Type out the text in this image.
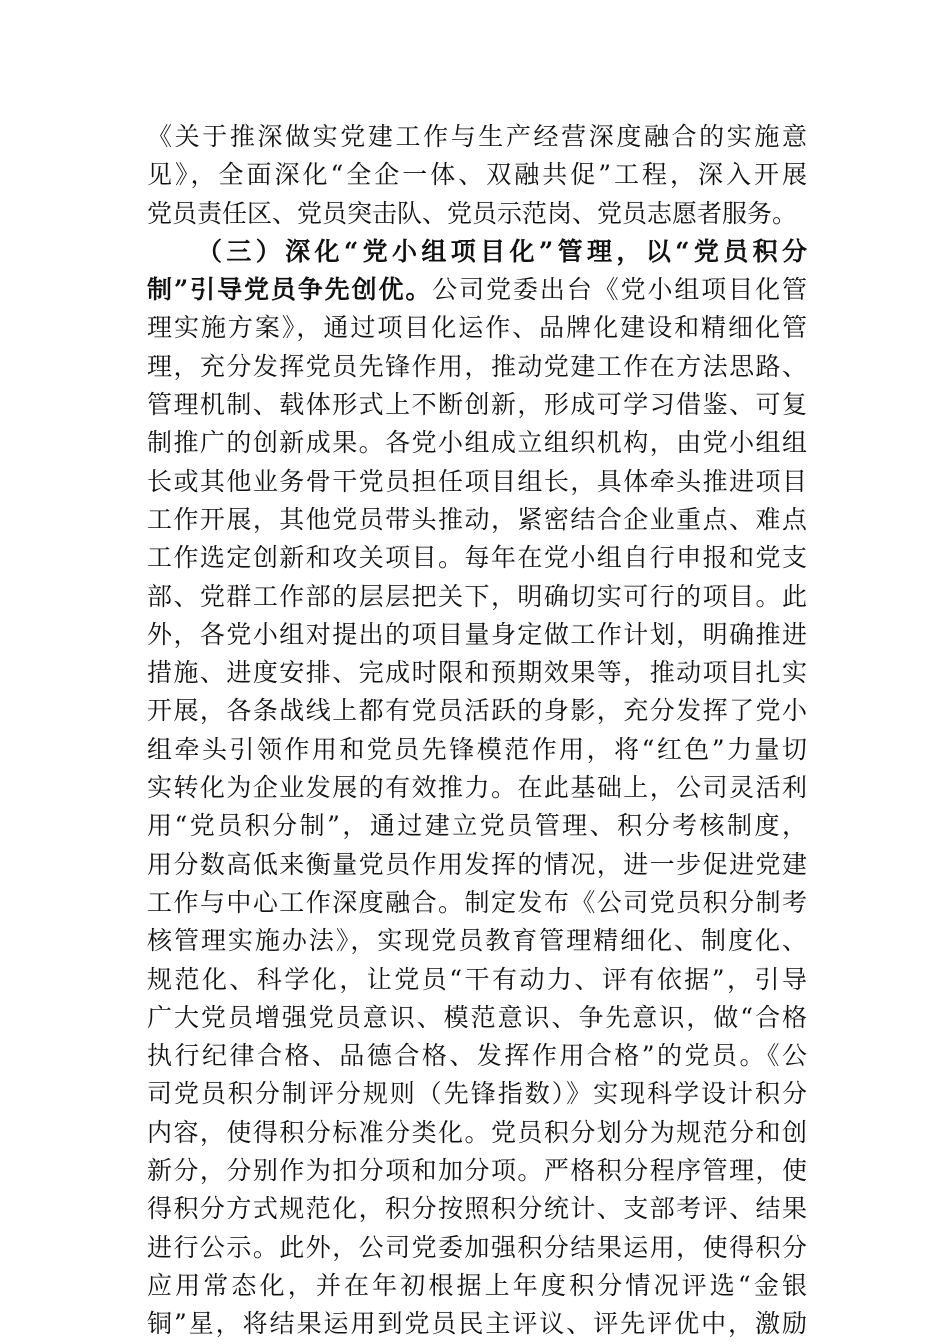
《关于推深做实党建工作与生产经营深度融合的实施意
见》，全面深化“全企一体、双融共促”工程，深入开展
党员责任区、党员突击队、党员示范岗、党员志愿者服务。
（三）深化“党小组项目化”管理，以“党员积分
制”引导党员争先创优。公司党委出台《党小组项目化管
理实施方案》，通过项目化运作、品牌化建设和精细化管
理，充分发挥党员先锋作用，推动党建工作在方法思路、
管理机制、载体形式上不断创新，形成可学习借鉴、可复
制推广的创新成果。各党小组成立组织机构，由党小组组
长或其他业务骨干党员担任项目组长，具体牵头推进项目
工作开展，其他党员带头推动，紧密结合企业重点、难点
工作选定创新和攻关项目。每年在党小组自行申报和党支
部、党群工作部的层层把关下，明确切实可行的项目。此
外，各党小组对提出的项目量身定做工作计划，明确推进
措施、进度安排、完成时限和预期效果等，推动项目扎实
开展，各条战线上都有党员活跃的身影，充分发挥了党小
组牵头引领作用和党员先锋模范作用，将“红色”力量切
实转化为企业发展的有效推力。在此基础上，公司灵活利
用“党员积分制”，通过建立党员管理、积分考核制度，
用分数高低来衡量党员作用发挥的情况，进一步促进党建
工作与中心工作深度融合。制定发布《公司党员积分制考
核管理实施办法》，实现党员教育管理精细化、制度化、
规范化、科学化，让党员“干有动力、评有依据”，引导
广大党员增强党员意识、模范意识、争先意识，做“合格
执行纪律合格、品德合格、发挥作用合格”的党员。《公
司党员积分制评分规则（先锋指数）》实现科学设计积分
内容，使得积分标准分类化。党员积分划分为规范分和创
新分，分别作为扣分项和加分项。严格积分程序管理，使
得积分方式规范化，积分按照积分统计、支部考评、结果
进行公示。此外，公司党委加强积分结果运用，使得积分
应用常态化，并在年初根据上年度积分情况评选“金银
铜”星，将结果运用到党员民主评议、评先评优中，激励
